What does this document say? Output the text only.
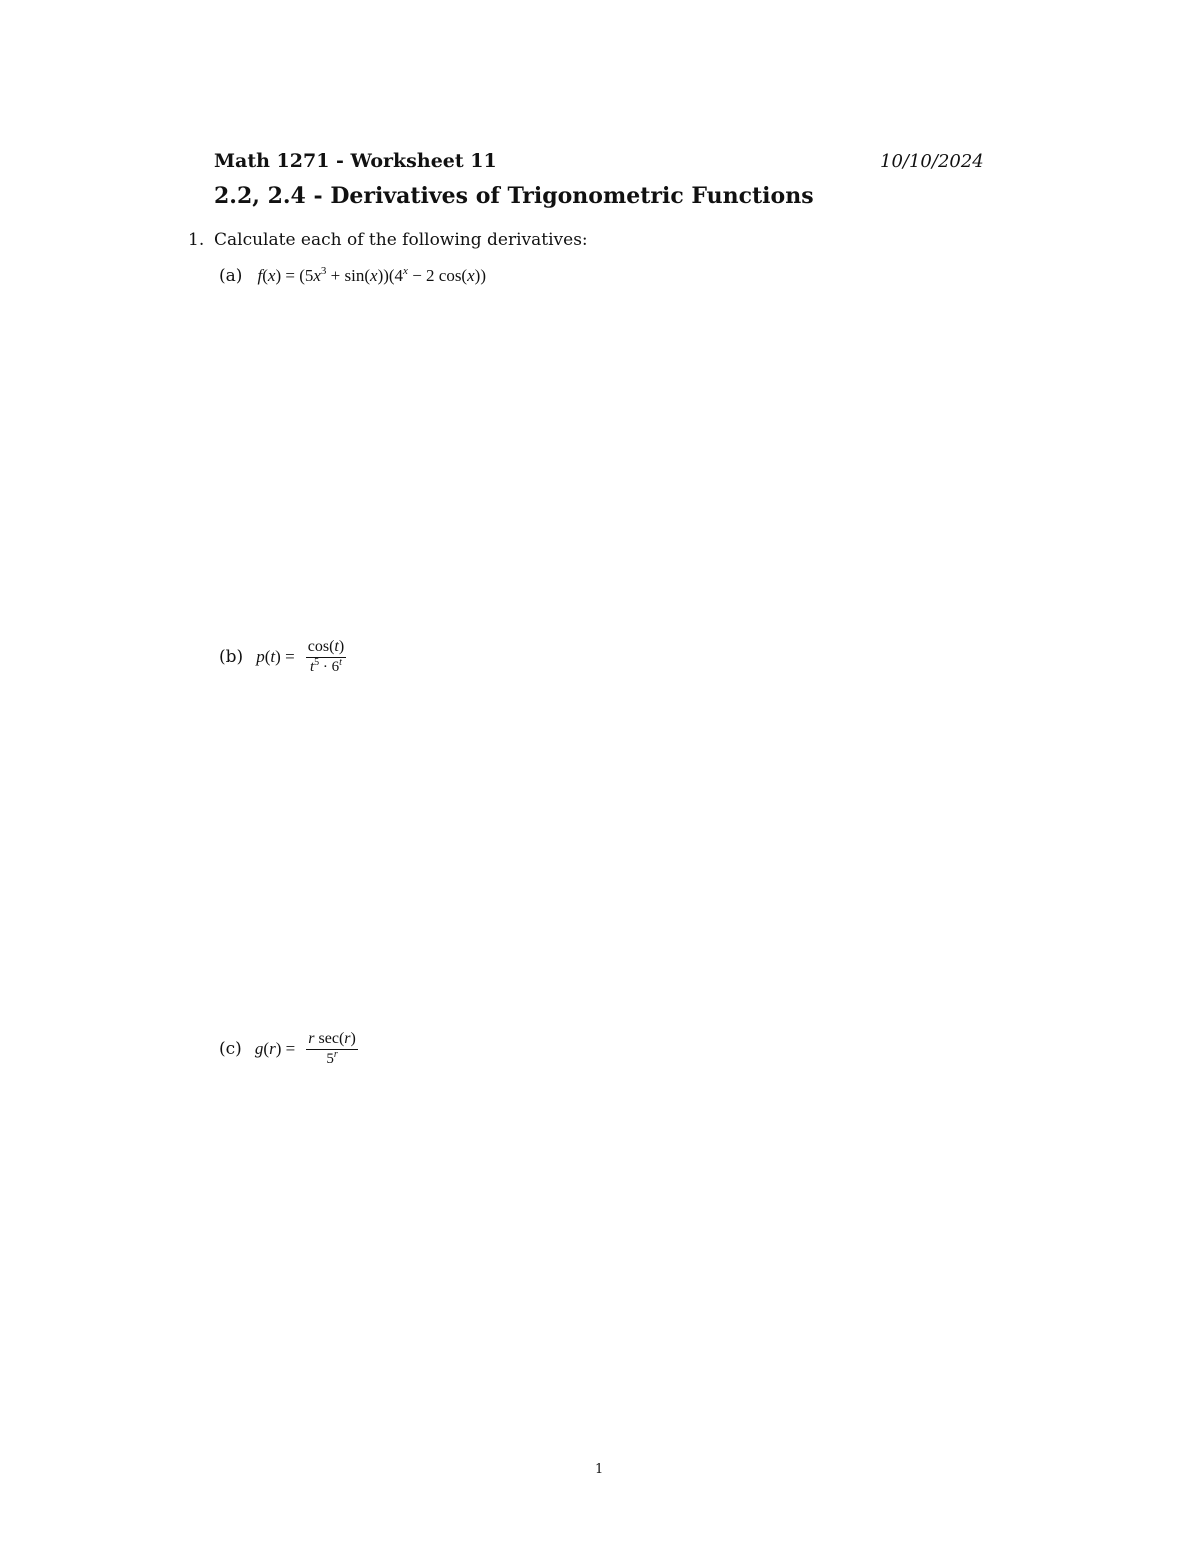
Math 1271 - Worksheet 11	10/10/2024
2.2, 2.4 - Derivatives of Trigonometric Functions
1. Calculate each of the following derivatives:
(a) $f(x) = (5x^3 + \sin(x))(4^x - 2$ cos(x))
(b) $p(t) = \frac{\cos(t)}{t^5 \cdot 6^t}$
(c) $g(r) = \frac{\text{r sec(r)}}{5^r}$
1
